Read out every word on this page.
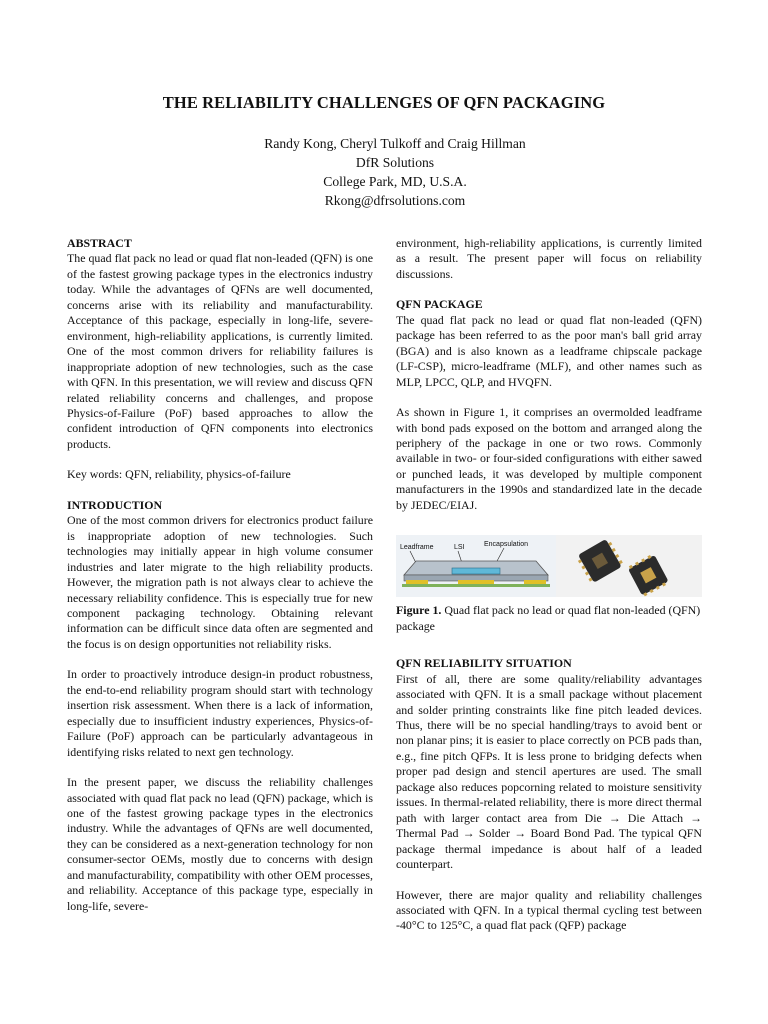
THE RELIABILITY CHALLENGES OF QFN PACKAGING
Randy Kong, Cheryl Tulkoff and Craig Hillman
DfR Solutions
College Park, MD, U.S.A.
Rkong@dfrsolutions.com

ABSTRACT

The quad flat pack no lead or quad flat non-leaded (QFN) is one of the fastest growing package types in the electronics industry today. While the advantages of QFNs are well documented, concerns arise with its reliability and manufacturability. Acceptance of this package, especially in long-life, severe-environment, high-reliability applications, is currently limited. One of the most common drivers for reliability failures is inappropriate adoption of new technologies, such as the case with QFN. In this presentation, we will review and discuss QFN related reliability concerns and challenges, and propose Physics-of-Failure (PoF) based approaches to allow the confident introduction of QFN components into electronics products.

Key words: QFN, reliability, physics-of-failure

INTRODUCTION

One of the most common drivers for electronics product failure is inappropriate adoption of new technologies. Such technologies may initially appear in high volume consumer industries and later migrate to the high reliability products. However, the migration path is not always clear to achieve the necessary reliability confidence. This is especially true for new component packaging technology. Obtaining relevant information can be difficult since data often are segmented and the focus is on design opportunities not reliability risks.

In order to proactively introduce design-in product robustness, the end-to-end reliability program should start with technology insertion risk assessment. When there is a lack of information, especially due to insufficient industry experiences, Physics-of-Failure (PoF) approach can be particularly advantageous in identifying risks related to next gen technology.

In the present paper, we discuss the reliability challenges associated with quad flat pack no lead (QFN) package, which is one of the fastest growing package types in the electronics industry. While the advantages of QFNs are well documented, they can be considered as a next-generation technology for non consumer-sector OEMs, mostly due to concerns with design and manufacturability, compatibility with other OEM processes, and reliability. Acceptance of this package type, especially in long-life, severe-

environment, high-reliability applications, is currently limited as a result. The present paper will focus on reliability discussions.

QFN PACKAGE

The quad flat pack no lead or quad flat non-leaded (QFN) package has been referred to as the poor man's ball grid array (BGA) and is also known as a leadframe chipscale package (LF-CSP), micro-leadframe (MLF), and other names such as MLP, LPCC, QLP, and HVQFN.

As shown in Figure 1, it comprises an overmolded leadframe with bond pads exposed on the bottom and arranged along the periphery of the package in one or two rows. Commonly available in two- or four-sided configurations with either sawed or punched leads, it was developed by multiple component manufacturers in the 1990s and standardized late in the decade by JEDEC/EIAJ.

Leadframe	LSI	Encapsulation

Figure 1. Quad flat pack no lead or quad flat non-leaded (QFN) package

QFN RELIABILITY SITUATION

First of all, there are some quality/reliability advantages associated with QFN. It is a small package without placement and solder printing constraints like fine pitch leaded devices. Thus, there will be no special handling/trays to avoid bent or non planar pins; it is easier to place correctly on PCB pads than, e.g., fine pitch QFPs. It is less prone to bridging defects when proper pad design and stencil apertures are used. The small package also reduces popcorning related to moisture sensitivity issues. In thermal-related reliability, there is more direct thermal path with larger contact area from Die → Die Attach → Thermal Pad → Solder → Board Bond Pad. The typical QFN package thermal impedance is about half of a leaded counterpart.

However, there are major quality and reliability challenges associated with QFN. In a typical thermal cycling test between -40°C to 125°C, a quad flat pack (QFP) package
